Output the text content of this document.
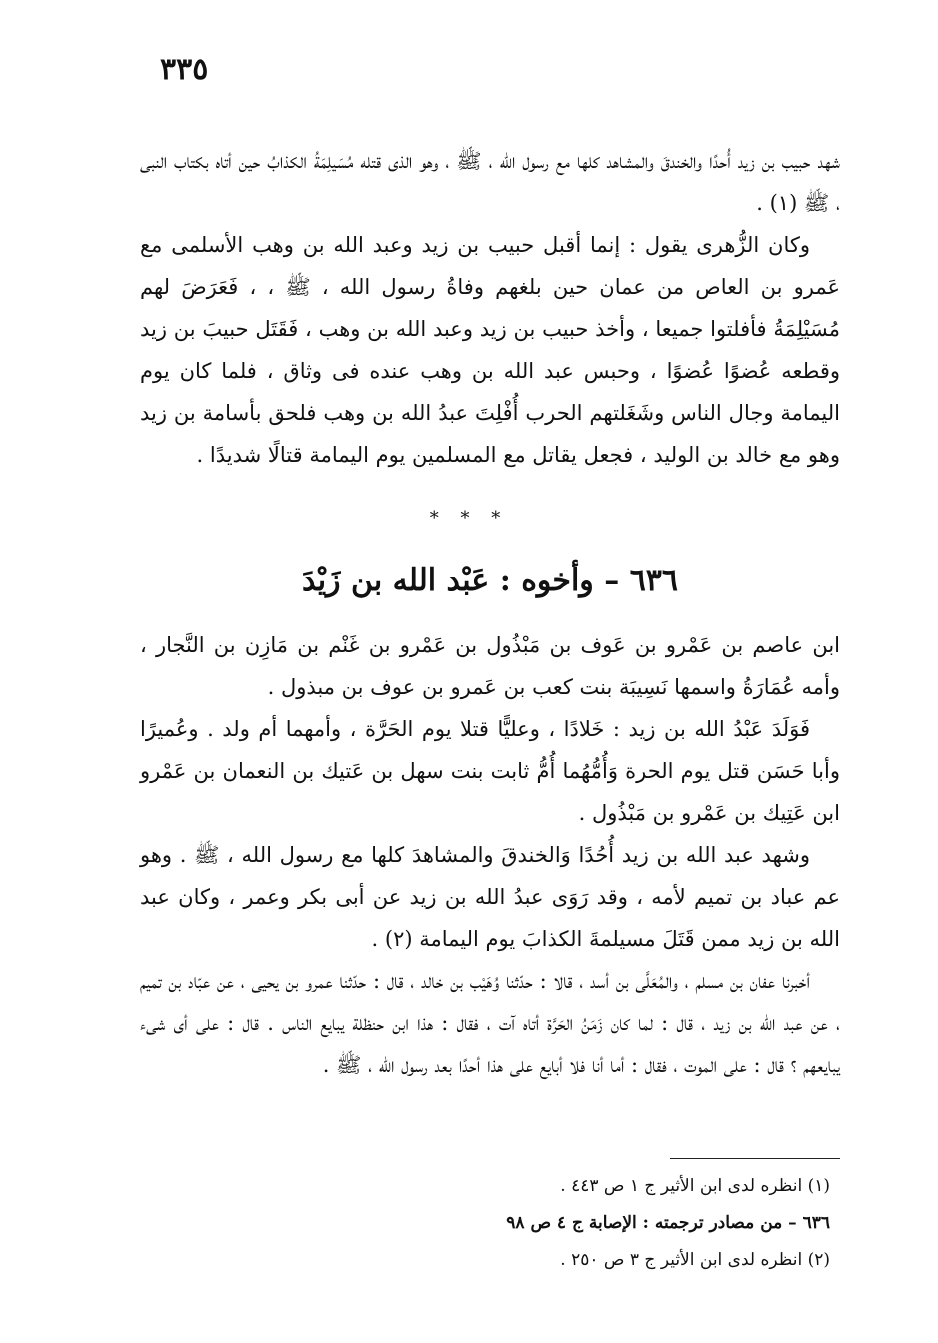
٣٣٥

شهد حبيب بن زيد أُحدًا والخندقَ والمشاهد كلها مع رسول الله ، ﷺ ، وهو الذى قتله مُسَيلِمَةُ الكذابُ حين أتاه بكتاب النبى ، ﷺ (١) .

وكان الزُّهرى يقول : إنما أقبل حبيب بن زيد وعبد الله بن وهب الأسلمى مع عَمرو بن العاص من عمان حين بلغهم وفاةُ رسول الله ، ﷺ ، ، فَعَرَضَ لهم مُسَيْلِمَةُ فأفلتوا جميعا ، وأخذ حبيب بن زيد وعبد الله بن وهب ، فَقَتَل حبيبَ بن زيد وقطعه عُضوًا عُضوًا ، وحبس عبد الله بن وهب عنده فى وثاق ، فلما كان يوم اليمامة وجال الناس وشَغَلتهم الحرب أُفْلِتَ عبدُ الله بن وهب فلحق بأسامة بن زيد وهو مع خالد بن الوليد ، فجعل يقاتل مع المسلمين يوم اليمامة قتالًا شديدًا .

* * *
٦٣٦ – وأخوه : عَبْد الله بن زَيْدَ

ابن عاصم بن عَمْرو بن عَوف بن مَبْذُول بن عَمْرو بن غَنْم بن مَازِن بن النَّجار ، وأمه عُمَارَةُ واسمها نَسِيبَة بنت كعب بن عَمرو بن عوف بن مبذول .

فَوَلَدَ عَبْدُ الله بن زيد : خَلادًا ، وعليًّا قتلا يوم الحَرَّة ، وأمهما أم ولد . وعُميرًا وأبا حَسَن قتل يوم الحرة وَأُمُّهُما أُمُّ ثابت بنت سهل بن عَتيك بن النعمان بن عَمْرو ابن عَتِيك بن عَمْرو بن مَبْذُول .

وشهد عبد الله بن زيد أُحُدًا وَالخندقَ والمشاهدَ كلها مع رسول الله ، ﷺ . وهو عم عباد بن تميم لأمه ، وقد رَوَى عبدُ الله بن زيد عن أبى بكر وعمر ، وكان عبد الله بن زيد ممن قَتَلَ مسيلمةَ الكذابَ يوم اليمامة (٢) .

أخبرنا عفان بن مسلم ، والمُعَلَّى بن أسد ، قالا : حدّثنا وُهَيْب بن خالد ، قال : حدّثنا عمرو بن يحيى ، عن عبّاد بن تميم ، عن عبد الله بن زيد ، قال : لما كان زَمَنُ الحَرَّة أتاه آت ، فقال : هذا ابن حنظلة يبايع الناس . قال : على أى شىء يبايعهم ؟ قال : على الموت ، فقال : أما أنا فلا أبايع على هذا أحدًا بعد رسول الله ، ﷺ .

(١) انظره لدى ابن الأثير ج ١ ص ٤٤٣ .

٦٣٦ – من مصادر ترجمته : الإصابة ج ٤ ص ٩٨

(٢) انظره لدى ابن الأثير ج ٣ ص ٢٥٠ .
